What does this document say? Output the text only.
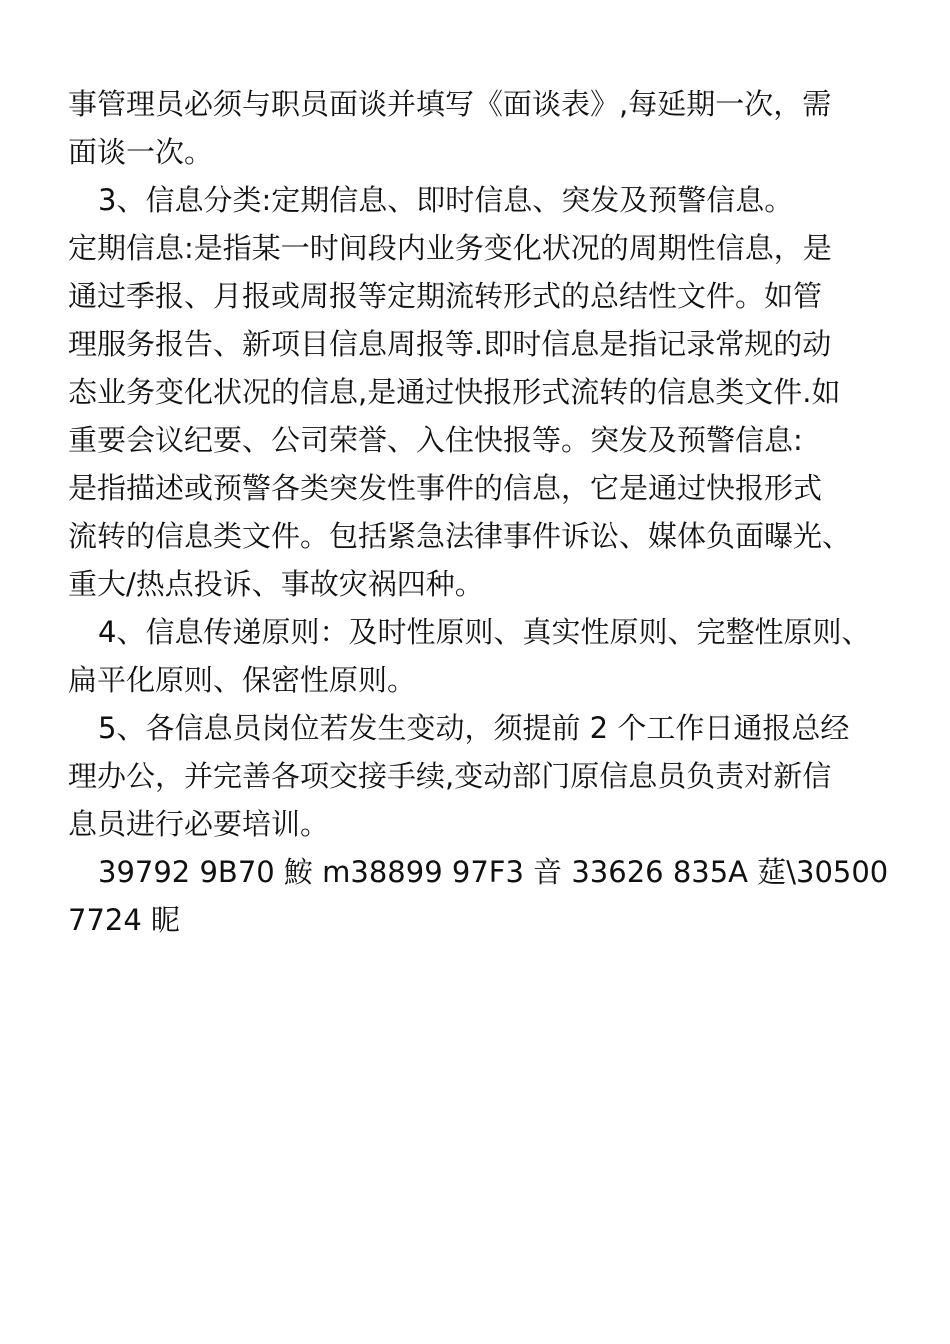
事管理员必须与职员面谈并填写《面谈表》,每延期一次，需
面谈一次。
3、信息分类:定期信息、即时信息、突发及预警信息。
定期信息:是指某一时间段内业务变化状况的周期性信息，是
通过季报、月报或周报等定期流转形式的总结性文件。如管
理服务报告、新项目信息周报等.即时信息是指记录常规的动
态业务变化状况的信息,是通过快报形式流转的信息类文件.如
重要会议纪要、公司荣誉、入住快报等。突发及预警信息:
是指描述或预警各类突发性事件的信息，它是通过快报形式
流转的信息类文件。包括紧急法律事件诉讼、媒体负面曝光、
重大/热点投诉、事故灾祸四种。
4、信息传递原则：及时性原则、真实性原则、完整性原则、
扁平化原则、保密性原则。
5、各信息员岗位若发生变动，须提前 2 个工作日通报总经
理办公，并完善各项交接手续,变动部门原信息员负责对新信
息员进行必要培训。
39792 9B70 鮟 m38899 97F3 音 33626 835A 莚\30500
7724 眤
